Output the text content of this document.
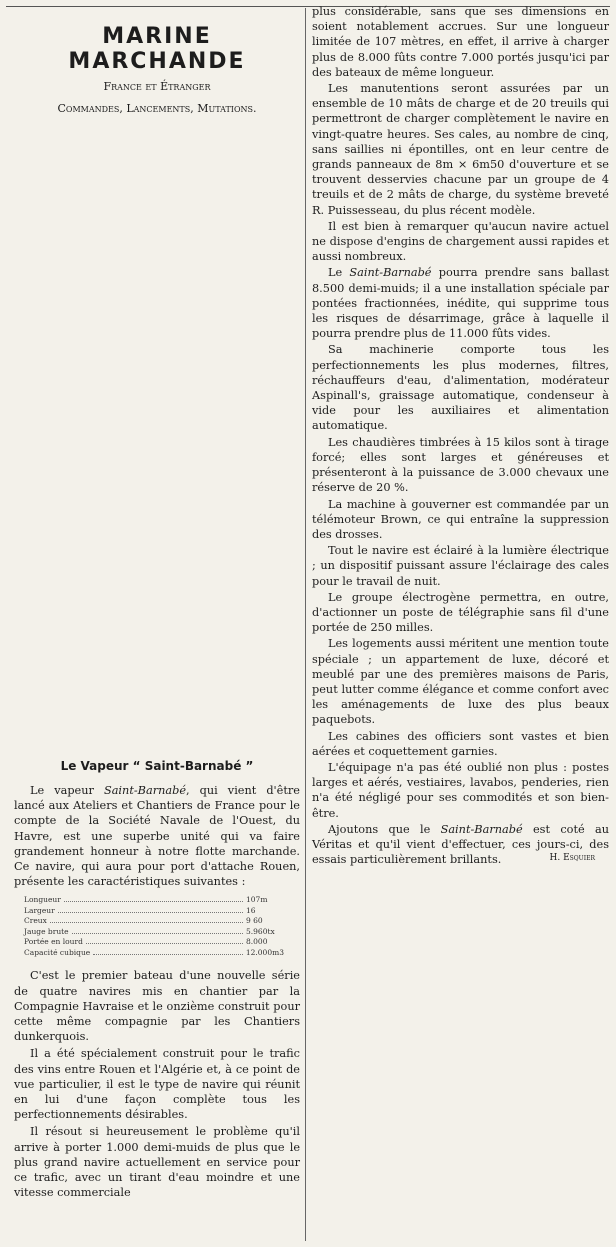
MARINE MARCHANDE
France et Étranger
Commandes, Lancements, Mutations.
Le Vapeur “ Saint-Barnabé ”

Le vapeur Saint-Barnabé, qui vient d'être lancé aux Ateliers et Chantiers de France pour le compte de la Société Navale de l'Ouest, du Havre, est une superbe unité qui va faire grandement honneur à notre flotte marchande. Ce navire, qui aura pour port d'attache Rouen, présente les caractéristiques suivantes :

Longueur	107m
Largeur	16
Creux	9 60
Jauge brute	5.960tx
Portée en lourd	8.000
Capacité cubique	12.000m3

C'est le premier bateau d'une nouvelle série de quatre navires mis en chantier par la Compagnie Havraise et le onzième construit pour cette même compagnie par les Chantiers dunkerquois.

Il a été spécialement construit pour le trafic des vins entre Rouen et l'Algérie et, à ce point de vue particulier, il est le type de navire qui réunit en lui d'une façon complète tous les perfectionnements désirables.

Il résout si heureusement le problème qu'il arrive à porter 1.000 demi-muids de plus que le plus grand navire actuellement en service pour ce trafic, avec un tirant d'eau moindre et une vitesse commerciale

plus considérable, sans que ses dimensions en soient notablement accrues. Sur une longueur limitée de 107 mètres, en effet, il arrive à charger plus de 8.000 fûts contre 7.000 portés jusqu'ici par des bateaux de même longueur.

Les manutentions seront assurées par un ensemble de 10 mâts de charge et de 20 treuils qui permettront de charger complètement le navire en vingt-quatre heures. Ses cales, au nombre de cinq, sans saillies ni épontilles, ont en leur centre de grands panneaux de 8m × 6m50 d'ouverture et se trouvent desservies chacune par un groupe de 4 treuils et de 2 mâts de charge, du système breveté R. Puissesseau, du plus récent modèle.

Il est bien à remarquer qu'aucun navire actuel ne dispose d'engins de chargement aussi rapides et aussi nombreux.

Le Saint-Barnabé pourra prendre sans ballast 8.500 demi-muids; il a une installation spéciale par pontées fractionnées, inédite, qui supprime tous les risques de désarrimage, grâce à laquelle il pourra prendre plus de 11.000 fûts vides.

Sa machinerie comporte tous les perfectionnements les plus modernes, filtres, réchauffeurs d'eau, d'alimentation, modérateur Aspinall's, graissage automatique, condenseur à vide pour les auxiliaires et alimentation automatique.

Les chaudières timbrées à 15 kilos sont à tirage forcé; elles sont larges et généreuses et présenteront à la puissance de 3.000 chevaux une réserve de 20 %.

La machine à gouverner est commandée par un télémoteur Brown, ce qui entraîne la suppression des drosses.

Tout le navire est éclairé à la lumière électrique ; un dispositif puissant assure l'éclairage des cales pour le travail de nuit.

Le groupe électrogène permettra, en outre, d'actionner un poste de télégraphie sans fil d'une portée de 250 milles.

Les logements aussi méritent une mention toute spéciale ; un appartement de luxe, décoré et meublé par une des premières maisons de Paris, peut lutter comme élégance et comme confort avec les aménagements de luxe des plus beaux paquebots.

Les cabines des officiers sont vastes et bien aérées et coquettement garnies.

L'équipage n'a pas été oublié non plus : postes larges et aérés, vestiaires, lavabos, penderies, rien n'a été négligé pour ses commodités et son bien-être.

Ajoutons que le Saint-Barnabé est coté au Véritas et qu'il vient d'effectuer, ces jours-ci, des essais particulièrement brillants.	H. Esquier
